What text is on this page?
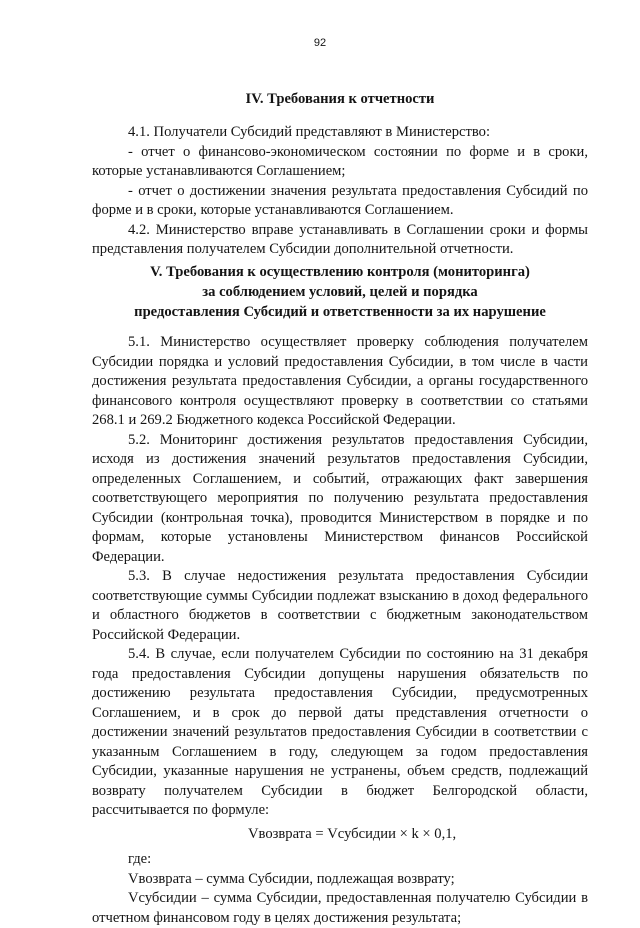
92
IV. Требования к отчетности

4.1. Получатели Субсидий представляют в Министерство:

- отчет о финансово-экономическом состоянии по форме и в сроки, которые устанавливаются Соглашением;

- отчет о достижении значения результата предоставления Субсидий по форме и в сроки, которые устанавливаются Соглашением.

4.2. Министерство вправе устанавливать в Соглашении сроки и формы представления получателем Субсидии дополнительной отчетности.

V. Требования к осуществлению контроля (мониторинга)
за соблюдением условий, целей и порядка
предоставления Субсидий и ответственности за их нарушение

5.1. Министерство осуществляет проверку соблюдения получателем Субсидии порядка и условий предоставления Субсидии, в том числе в части достижения результата предоставления Субсидии, а органы государственного финансового контроля осуществляют проверку в соответствии со статьями 268.1 и 269.2 Бюджетного кодекса Российской Федерации.

5.2. Мониторинг достижения результатов предоставления Субсидии, исходя из достижения значений результатов предоставления Субсидии, определенных Соглашением, и событий, отражающих факт завершения соответствующего мероприятия по получению результата предоставления Субсидии (контрольная точка), проводится Министерством в порядке и по формам, которые установлены Министерством финансов Российской Федерации.

5.3. В случае недостижения результата предоставления Субсидии соответствующие суммы Субсидии подлежат взысканию в доход федерального и областного бюджетов в соответствии с бюджетным законодательством Российской Федерации.

5.4. В случае, если получателем Субсидии по состоянию на 31 декабря года предоставления Субсидии допущены нарушения обязательств по достижению результата предоставления Субсидии, предусмотренных Соглашением, и в срок до первой даты представления отчетности о достижении значений результатов предоставления Субсидии в соответствии с указанным Соглашением в году, следующем за годом предоставления Субсидии, указанные нарушения не устранены, объем средств, подлежащий возврату получателем Субсидии в бюджет Белгородской области, рассчитывается по формуле:

Vвозврата = Vсубсидии × k × 0,1,

где:

Vвозврата – сумма Субсидии, подлежащая возврату;

Vсубсидии – сумма Субсидии, предоставленная получателю Субсидии в отчетном финансовом году в целях достижения результата;
